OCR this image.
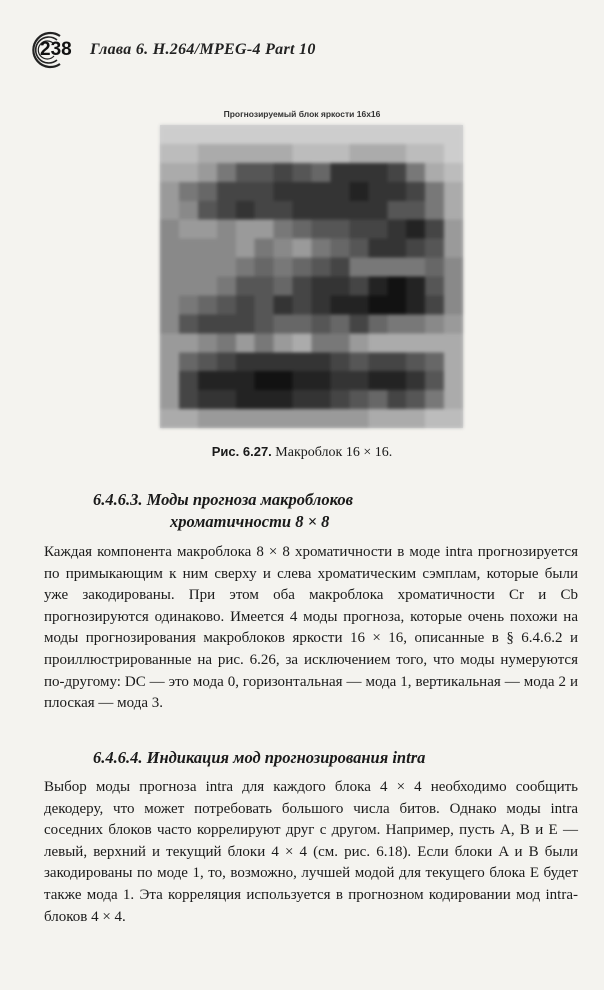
238 Глава 6. H.264/MPEG-4 Part 10
Прогнозируемый блок яркости 16x16
Рис. 6.27. Макроблок 16 × 16.
6.4.6.3. Моды прогноза макроблоков
хроматичности 8 × 8

Каждая компонента макроблока 8 × 8 хроматичности в моде intra прогнозируется по примыкающим к ним сверху и слева хроматическим сэмплам, которые были уже закодированы. При этом оба макроблока хроматичности Cr и Cb прогнозируются одинаково. Имеется 4 моды прогноза, которые очень похожи на моды прогнозирования макроблоков яркости 16 × 16, описанные в § 6.4.6.2 и проиллюстрированные на рис. 6.26, за исключением того, что моды нумеруются по-другому: DC — это мода 0, горизонтальная — мода 1, вертикальная — мода 2 и плоская — мода 3.

6.4.6.4. Индикация мод прогнозирования intra

Выбор моды прогноза intra для каждого блока 4 × 4 необходимо сообщить декодеру, что может потребовать большого числа битов. Однако моды intra соседних блоков часто коррелируют друг с другом. Например, пусть A, B и E — левый, верхний и текущий блоки 4 × 4 (см. рис. 6.18). Если блоки A и B были закодированы по моде 1, то, возможно, лучшей модой для текущего блока E будет также мода 1. Эта корреляция используется в прогнозном кодировании мод intra-блоков 4 × 4.
